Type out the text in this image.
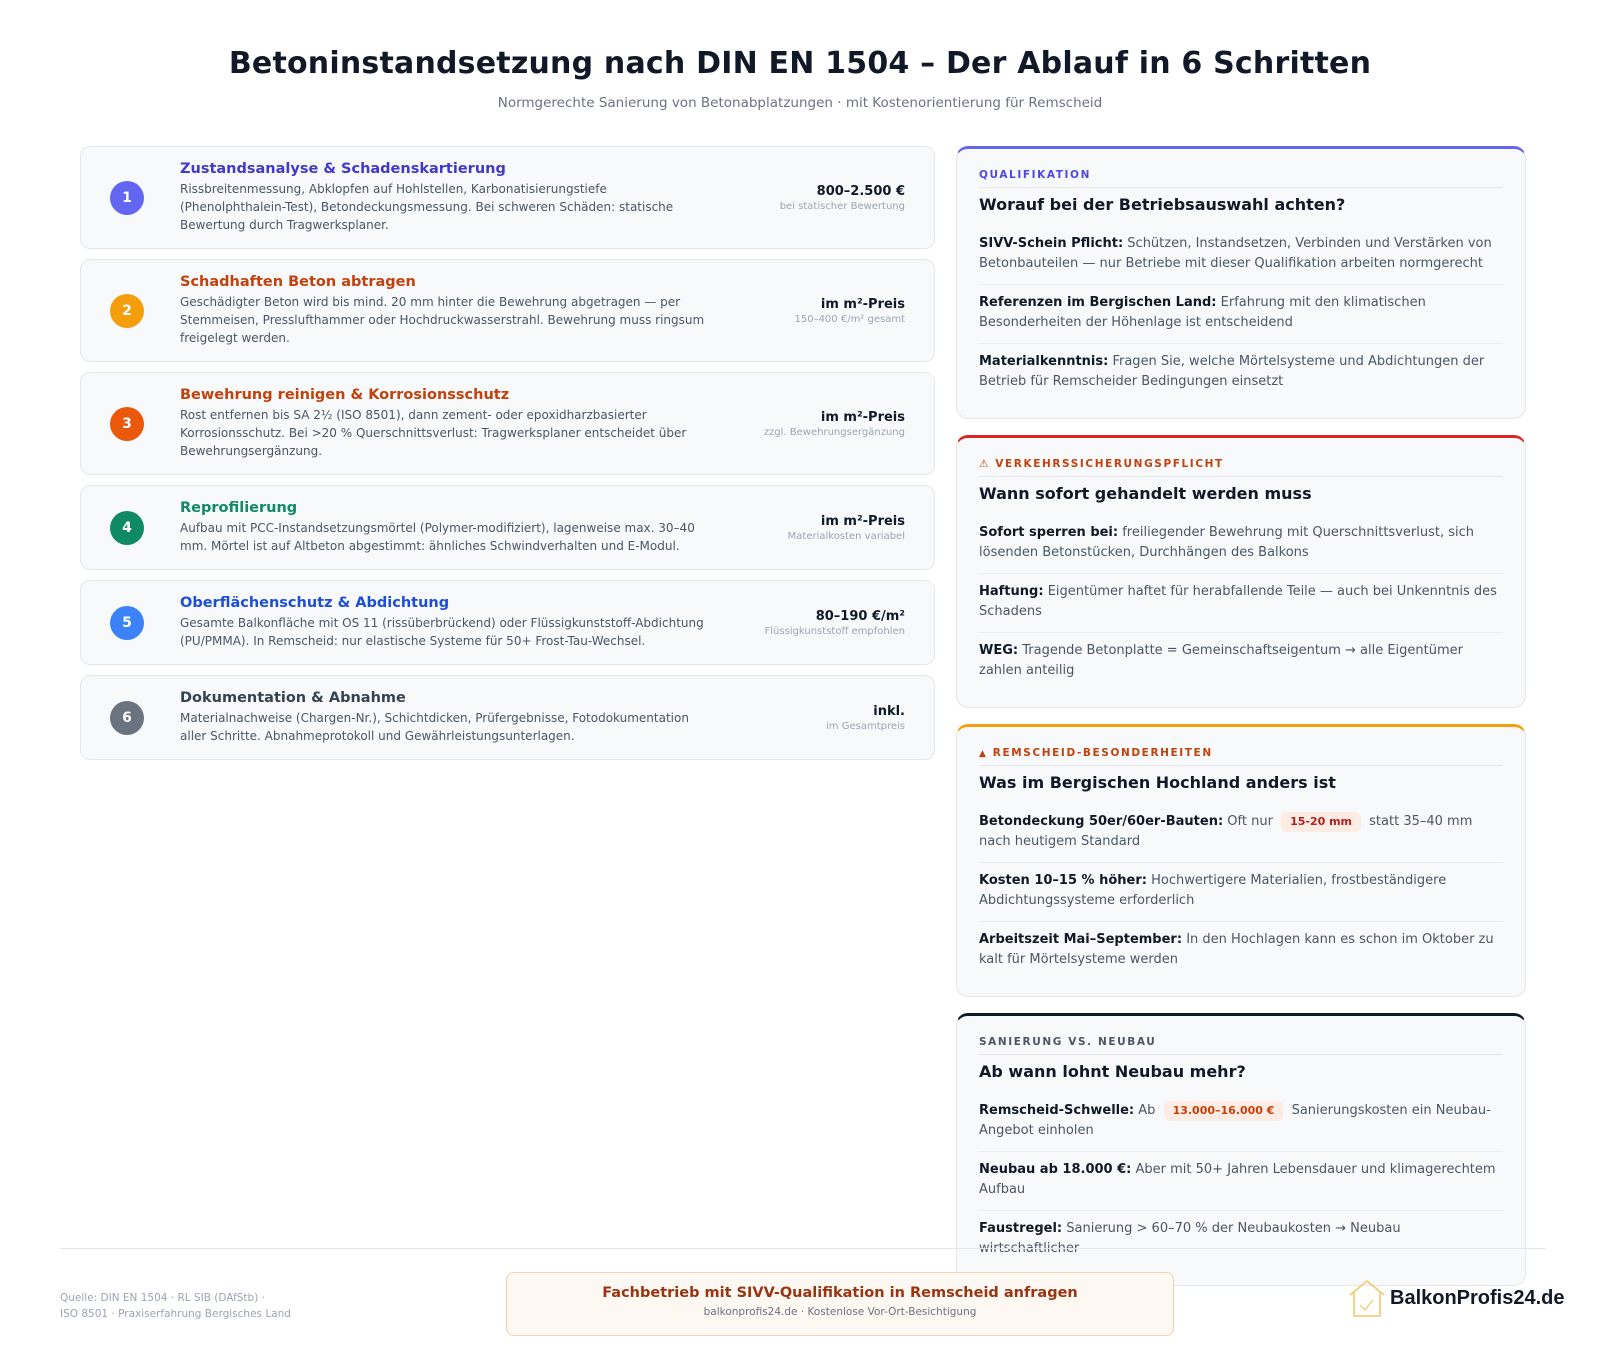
Betoninstandsetzung nach DIN EN 1504 – Der Ablauf in 6 Schritten
Normgerechte Sanierung von Betonabplatzungen · mit Kostenorientierung für Remscheid
1
Zustandsanalyse & Schadenskartierung
Rissbreitenmessung, Abklopfen auf Hohlstellen, Karbonatisierungstiefe (Phenolphthalein-Test), Betondeckungsmessung. Bei schweren Schäden: statische Bewertung durch Tragwerksplaner.
800–2.500 €
bei statischer Bewertung
2
Schadhaften Beton abtragen
Geschädigter Beton wird bis mind. 20 mm hinter die Bewehrung abgetragen — per Stemmeisen, Presslufthammer oder Hochdruckwasserstrahl. Bewehrung muss ringsum freigelegt werden.
im m²-Preis
150–400 €/m² gesamt
3
Bewehrung reinigen & Korrosionsschutz
Rost entfernen bis SA 2½ (ISO 8501), dann zement- oder epoxidharzbasierter Korrosionsschutz. Bei >20 % Querschnittsverlust: Tragwerksplaner entscheidet über Bewehrungsergänzung.
im m²-Preis
zzgl. Bewehrungsergänzung
4
Reprofilierung
Aufbau mit PCC-Instandsetzungsmörtel (Polymer-modifiziert), lagenweise max. 30–40 mm. Mörtel ist auf Altbeton abgestimmt: ähnliches Schwindverhalten und E-Modul.
im m²-Preis
Materialkosten variabel
5
Oberflächenschutz & Abdichtung
Gesamte Balkonfläche mit OS 11 (rissüberbrückend) oder Flüssigkunststoff-Abdichtung (PU/PMMA). In Remscheid: nur elastische Systeme für 50+ Frost-Tau-Wechsel.
80–190 €/m²
Flüssigkunststoff empfohlen
6
Dokumentation & Abnahme
Materialnachweise (Chargen-Nr.), Schichtdicken, Prüfergebnisse, Fotodokumentation aller Schritte. Abnahmeprotokoll und Gewährleistungsunterlagen.
inkl.
im Gesamtpreis
QUALIFIKATION
Worauf bei der Betriebsauswahl achten?
SIVV-Schein Pflicht: Schützen, Instandsetzen, Verbinden und Verstärken von Betonbauteilen — nur Betriebe mit dieser Qualifikation arbeiten normgerecht
Referenzen im Bergischen Land: Erfahrung mit den klimatischen Besonderheiten der Höhenlage ist entscheidend
Materialkenntnis: Fragen Sie, welche Mörtelsysteme und Abdichtungen der Betrieb für Remscheider Bedingungen einsetzt
⚠ VERKEHRSSICHERUNGSPFLICHT
Wann sofort gehandelt werden muss
Sofort sperren bei: freiliegender Bewehrung mit Querschnittsverlust, sich lösenden Betonstücken, Durchhängen des Balkons
Haftung: Eigentümer haftet für herabfallende Teile — auch bei Unkenntnis des Schadens
WEG: Tragende Betonplatte = Gemeinschaftseigentum → alle Eigentümer zahlen anteilig
▲ REMSCHEID-BESONDERHEITEN
Was im Bergischen Hochland anders ist
Betondeckung 50er/60er-Bauten: Oft nur 15-20 mm statt 35–40 mm nach heutigem Standard
Kosten 10–15 % höher: Hochwertigere Materialien, frostbeständigere Abdichtungssysteme erforderlich
Arbeitszeit Mai–September: In den Hochlagen kann es schon im Oktober zu kalt für Mörtelsysteme werden
SANIERUNG VS. NEUBAU
Ab wann lohnt Neubau mehr?
Remscheid-Schwelle: Ab 13.000–16.000 € Sanierungskosten ein Neubau-Angebot einholen
Neubau ab 18.000 €: Aber mit 50+ Jahren Lebensdauer und klimagerechtem Aufbau
Faustregel: Sanierung > 60–70 % der Neubaukosten → Neubau wirtschaftlicher
Quelle: DIN EN 1504 · RL SIB (DAfStb) ·
ISO 8501 · Praxiserfahrung Bergisches Land
Fachbetrieb mit SIVV-Qualifikation in Remscheid anfragen
balkonprofis24.de · Kostenlose Vor-Ort-Besichtigung
BalkonProfis24.de
